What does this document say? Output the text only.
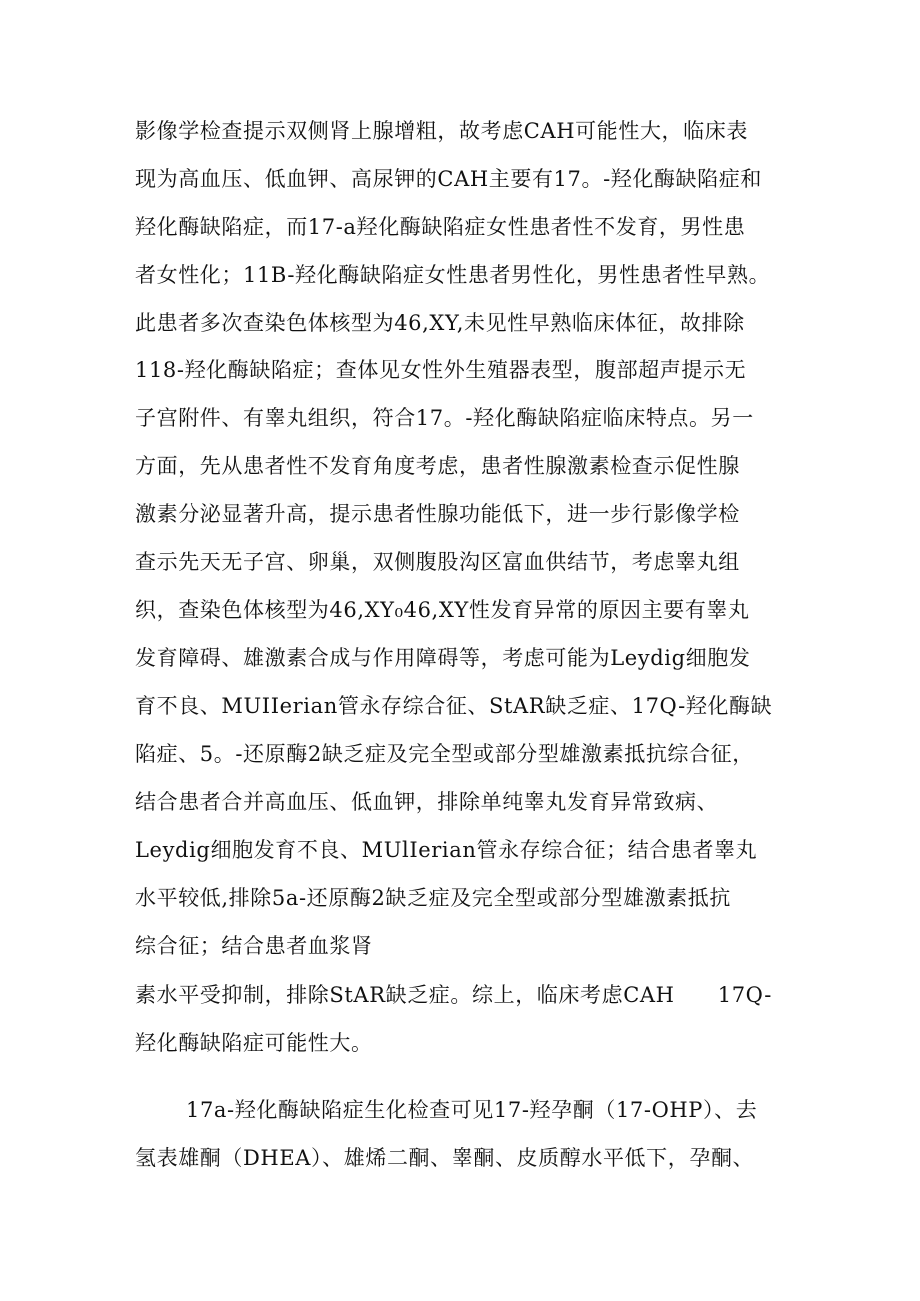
影像学检查提示双侧肾上腺增粗，故考虑CAH可能性大，临床表
现为高血压、低血钾、高尿钾的CAH主要有17。-羟化酶缺陷症和
羟化酶缺陷症，而17-a羟化酶缺陷症女性患者性不发育，男性患
者女性化；11B-羟化酶缺陷症女性患者男性化，男性患者性早熟。
此患者多次查染色体核型为46,XY,未见性早熟临床体征，故排除
118-羟化酶缺陷症；查体见女性外生殖器表型，腹部超声提示无
子宫附件、有睾丸组织，符合17。-羟化酶缺陷症临床特点。另一
方面，先从患者性不发育角度考虑，患者性腺激素检查示促性腺
激素分泌显著升高，提示患者性腺功能低下，进一步行影像学检
查示先天无子宫、卵巢，双侧腹股沟区富血供结节，考虑睾丸组
织，查染色体核型为46,XY₀46,XY性发育异常的原因主要有睾丸
发育障碍、雄激素合成与作用障碍等，考虑可能为Leydig细胞发
育不良、MUIIerian管永存综合征、StAR缺乏症、17Q-羟化酶缺
陷症、5。-还原酶2缺乏症及完全型或部分型雄激素抵抗综合征，
结合患者合并高血压、低血钾，排除单纯睾丸发育异常致病、
Leydig细胞发育不良、MUlIerian管永存综合征；结合患者睾丸
水平较低,排除5a-还原酶2缺乏症及完全型或部分型雄激素抵抗
综合征；结合患者血浆肾
素水平受抑制，排除StAR缺乏症。综上，临床考虑CAH　　17Q-
羟化酶缺陷症可能性大。
17a-羟化酶缺陷症生化检查可见17-羟孕酮（17-OHP）、去
氢表雄酮（DHEA）、雄烯二酮、睾酮、皮质醇水平低下，孕酮、
